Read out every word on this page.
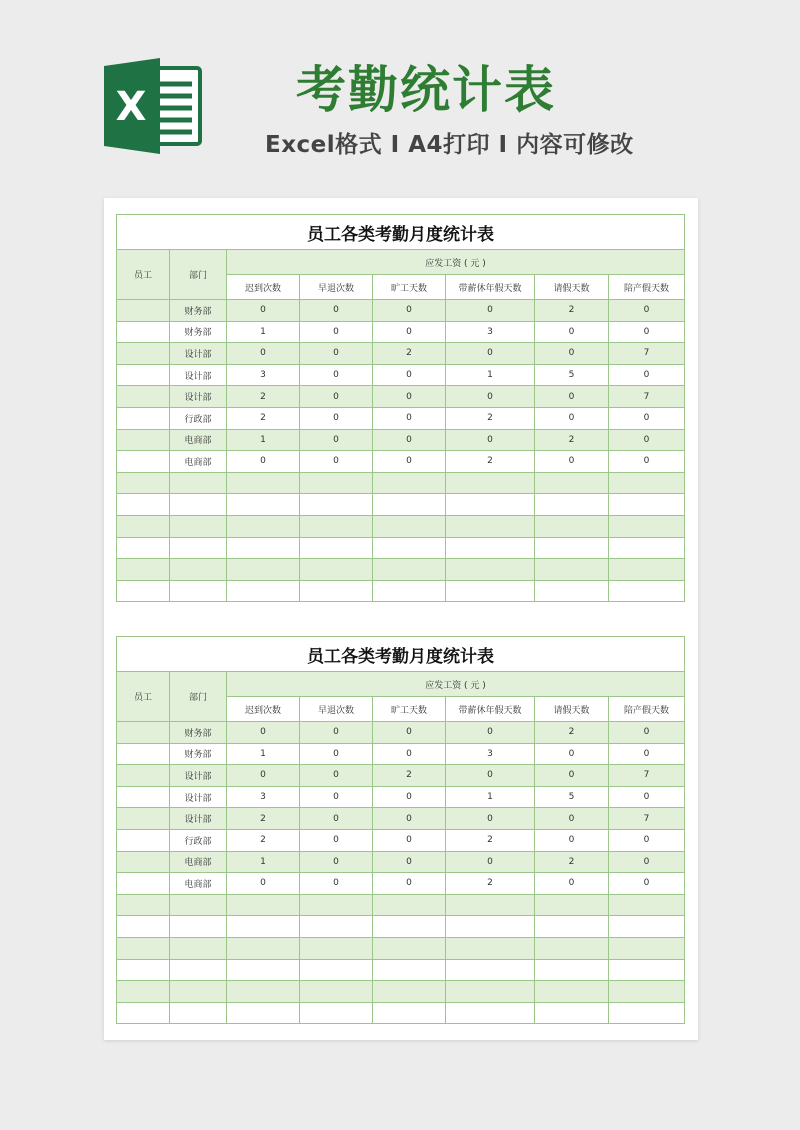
X	考勤统计表
Excel格式 I A4打印 I 内容可修改
员工各类考勤月度统计表							
员工	部门	应发工资 ( 元 )					
		迟到次数	早退次数	旷工天数	带薪休年假天数	请假天数	陪产假天数
	财务部	0	0	0	0	2	0
	财务部	1	0	0	3	0	0
	设计部	0	0	2	0	0	7
	设计部	3	0	0	1	5	0
	设计部	2	0	0	0	0	7
	行政部	2	0	0	2	0	0
	电商部	1	0	0	0	2	0
	电商部	0	0	0	2	0	0

员工各类考勤月度统计表							
员工	部门	应发工资 ( 元 )					
		迟到次数	早退次数	旷工天数	带薪休年假天数	请假天数	陪产假天数
	财务部	0	0	0	0	2	0
	财务部	1	0	0	3	0	0
	设计部	0	0	2	0	0	7
	设计部	3	0	0	1	5	0
	设计部	2	0	0	0	0	7
	行政部	2	0	0	2	0	0
	电商部	1	0	0	0	2	0
	电商部	0	0	0	2	0	0
